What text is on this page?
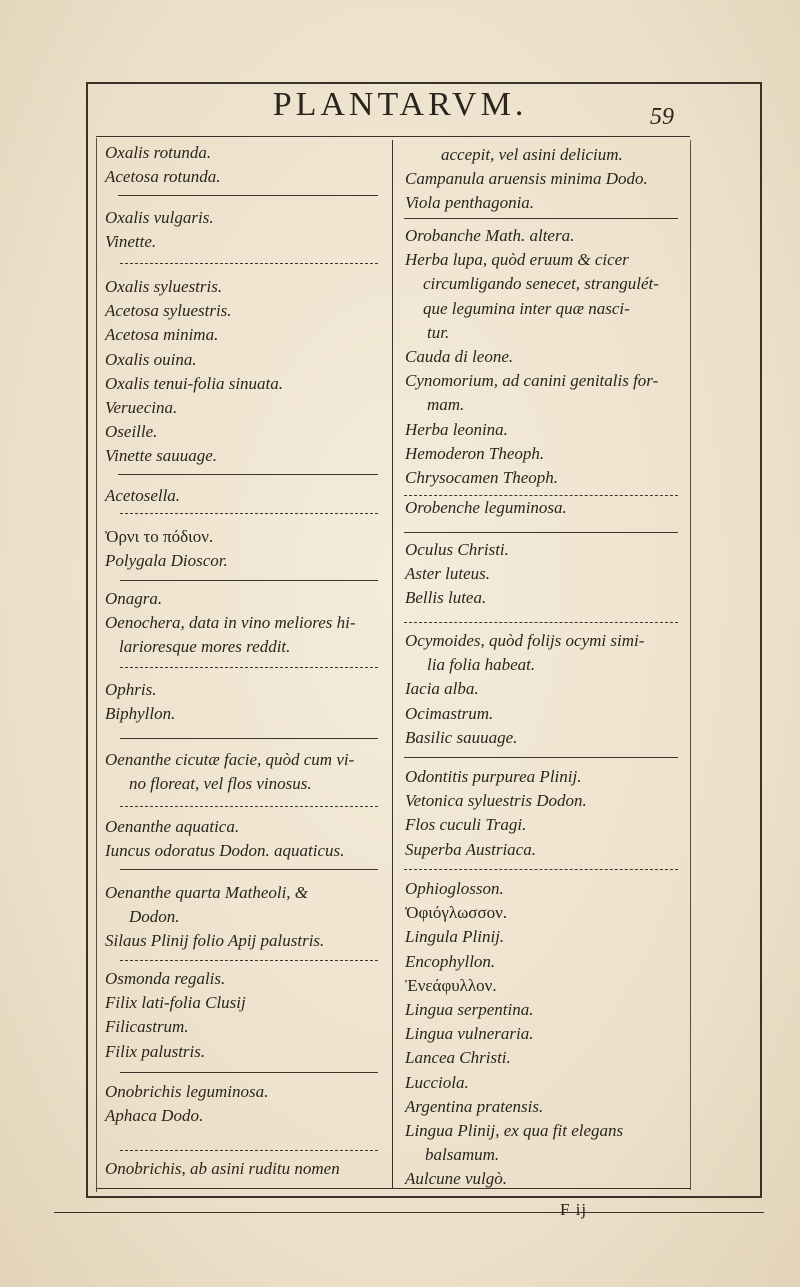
PLANTARVM.	59
F ij
Oxalis rotunda.
Acetosa rotunda.
Oxalis vulgaris.
Vinette.
Oxalis syluestris.
Acetosa syluestris.
Acetosa minima.
Oxalis ouina.
Oxalis tenui-folia sinuata.
Veruecina.
Oseille.
Vinette sauuage.
Acetosella.
Ὀρνι το πόδιον.
Polygala Dioscor.
Onagra.
Oenochera, data in vino meliores hi-
larioresque mores reddit.
Ophris.
Biphyllon.
Oenanthe cicutæ facie, quòd cum vi-
no floreat, vel flos vinosus.
Oenanthe aquatica.
Iuncus odoratus Dodon. aquaticus.
Oenanthe quarta Matheoli, &
Dodon.
Silaus Plinij folio Apij palustris.
Osmonda regalis.
Filix lati-folia Clusij
Filicastrum.
Filix palustris.
Onobrichis leguminosa.
Aphaca Dodo.
Onobrichis, ab asini ruditu nomen
accepit, vel asini delicium.
Campanula aruensis minima Dodo.
Viola penthagonia.
Orobanche Math. altera.
Herba lupa, quòd eruum & cicer
circumligando senecet, strangulét-
que legumina inter quæ nasci-
tur.
Cauda di leone.
Cynomorium, ad canini genitalis for-
mam.
Herba leonina.
Hemoderon Theoph.
Chrysocamen Theoph.
Orobenche leguminosa.
Oculus Christi.
Aster luteus.
Bellis lutea.
Ocymoides, quòd folijs ocymi simi-
lia folia habeat.
Iacia alba.
Ocimastrum.
Basilic sauuage.
Odontitis purpurea Plinij.
Vetonica syluestris Dodon.
Flos cuculi Tragi.
Superba Austriaca.
Ophioglosson.
Ὀφιόγλωσσον.
Lingula Plinij.
Encophyllon.
Ἐνεάφυλλον.
Lingua serpentina.
Lingua vulneraria.
Lancea Christi.
Lucciola.
Argentina pratensis.
Lingua Plinij, ex qua fit elegans
balsamum.
Aulcune vulgò.
